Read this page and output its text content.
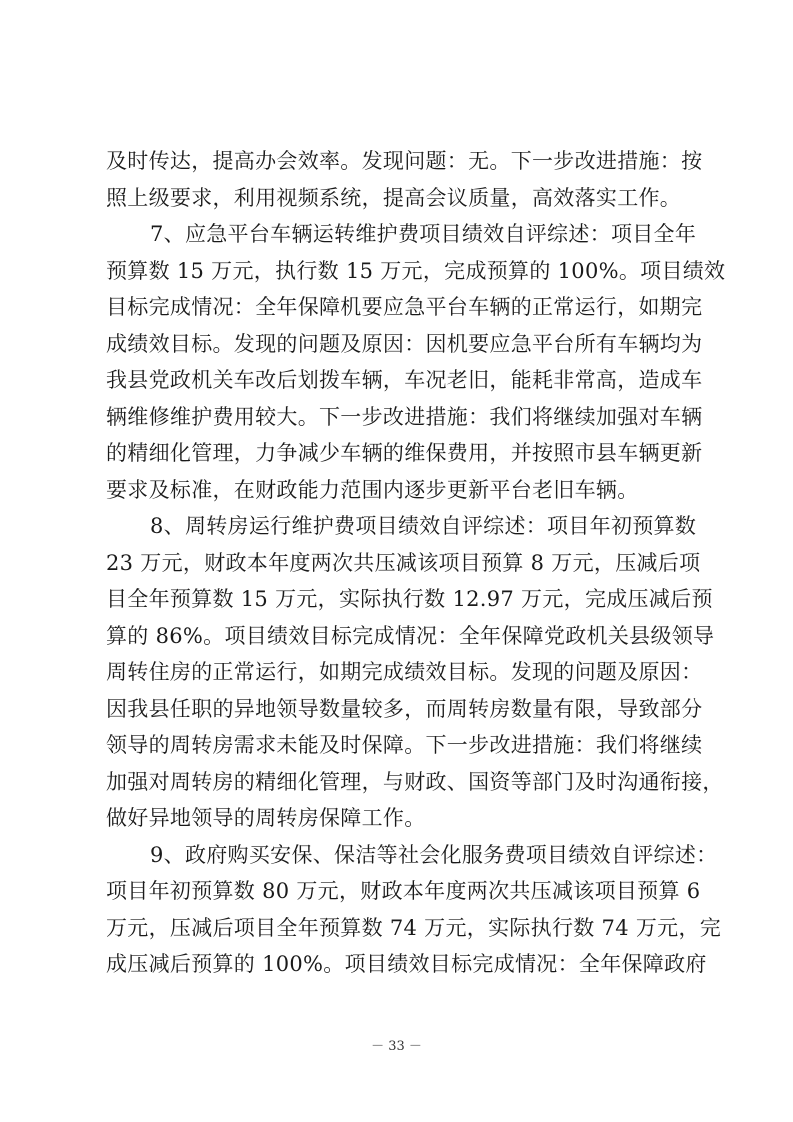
及时传达，提高办会效率。发现问题：无。下一步改进措施：按
照上级要求，利用视频系统，提高会议质量，高效落实工作。
7、应急平台车辆运转维护费项目绩效自评综述：项目全年
预算数 15 万元，执行数 15 万元，完成预算的 100%。项目绩效
目标完成情况：全年保障机要应急平台车辆的正常运行，如期完
成绩效目标。发现的问题及原因：因机要应急平台所有车辆均为
我县党政机关车改后划拨车辆，车况老旧，能耗非常高，造成车
辆维修维护费用较大。下一步改进措施：我们将继续加强对车辆
的精细化管理，力争减少车辆的维保费用，并按照市县车辆更新
要求及标准，在财政能力范围内逐步更新平台老旧车辆。
8、周转房运行维护费项目绩效自评综述：项目年初预算数
23 万元，财政本年度两次共压减该项目预算 8 万元，压减后项
目全年预算数 15 万元，实际执行数 12.97 万元，完成压减后预
算的 86%。项目绩效目标完成情况：全年保障党政机关县级领导
周转住房的正常运行，如期完成绩效目标。发现的问题及原因：
因我县任职的异地领导数量较多，而周转房数量有限，导致部分
领导的周转房需求未能及时保障。下一步改进措施：我们将继续
加强对周转房的精细化管理，与财政、国资等部门及时沟通衔接，
做好异地领导的周转房保障工作。
9、政府购买安保、保洁等社会化服务费项目绩效自评综述：
项目年初预算数 80 万元，财政本年度两次共压减该项目预算 6
万元，压减后项目全年预算数 74 万元，实际执行数 74 万元，完
成压减后预算的 100%。项目绩效目标完成情况：全年保障政府
－ 33 －
